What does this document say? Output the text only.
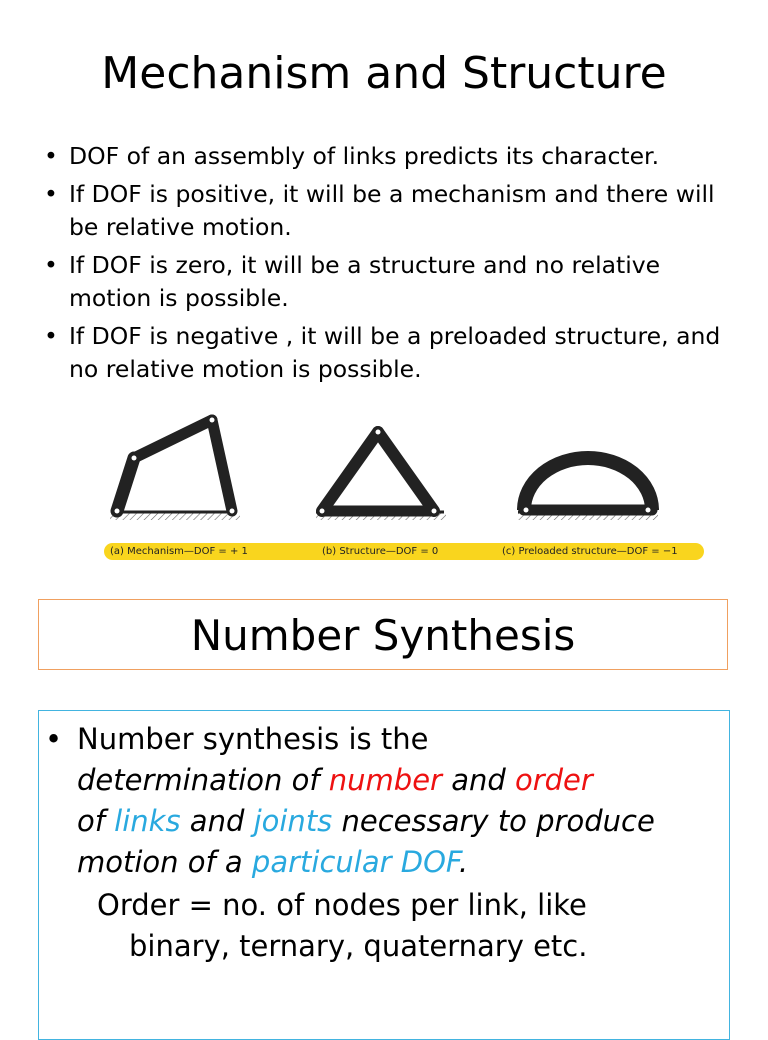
Mechanism and Structure
• DOF of an assembly of links predicts its character.
• If DOF is positive, it will be a mechanism and there will be relative motion.
• If DOF is zero, it will be a structure and no relative motion is possible.
• If DOF is negative , it will be a preloaded structure, and no relative motion is possible.
(a) Mechanism—DOF = + 1	(b) Structure—DOF = 0	(c) Preloaded structure—DOF = −1
Number Synthesis
• Number synthesis is the
determination of number and order
of links and joints necessary to produce motion of a particular DOF.
Order = no. of nodes per link, like
binary, ternary, quaternary etc.
